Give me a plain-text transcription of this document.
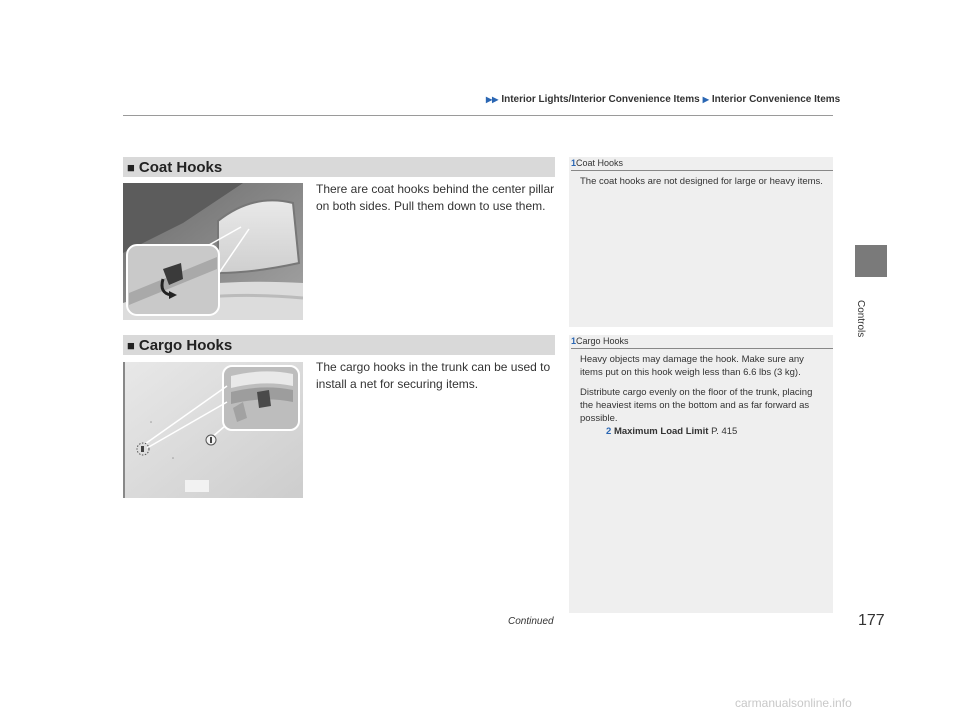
▶▶ Interior Lights/Interior Convenience Items ▶ Interior Convenience Items
■ Coat Hooks
There are coat hooks behind the center pillar on both sides. Pull them down to use them.
1Coat Hooks

The coat hooks are not designed for large or heavy items.

■ Cargo Hooks
The cargo hooks in the trunk can be used to install a net for securing items.
1Cargo Hooks

Heavy objects may damage the hook. Make sure any items put on this hook weigh less than 6.6 lbs (3 kg).

Distribute cargo evenly on the floor of the trunk, placing the heaviest items on the bottom and as far forward as possible.

2 Maximum Load Limit P. 415
Controls
Continued	177
carmanualsonline.info
